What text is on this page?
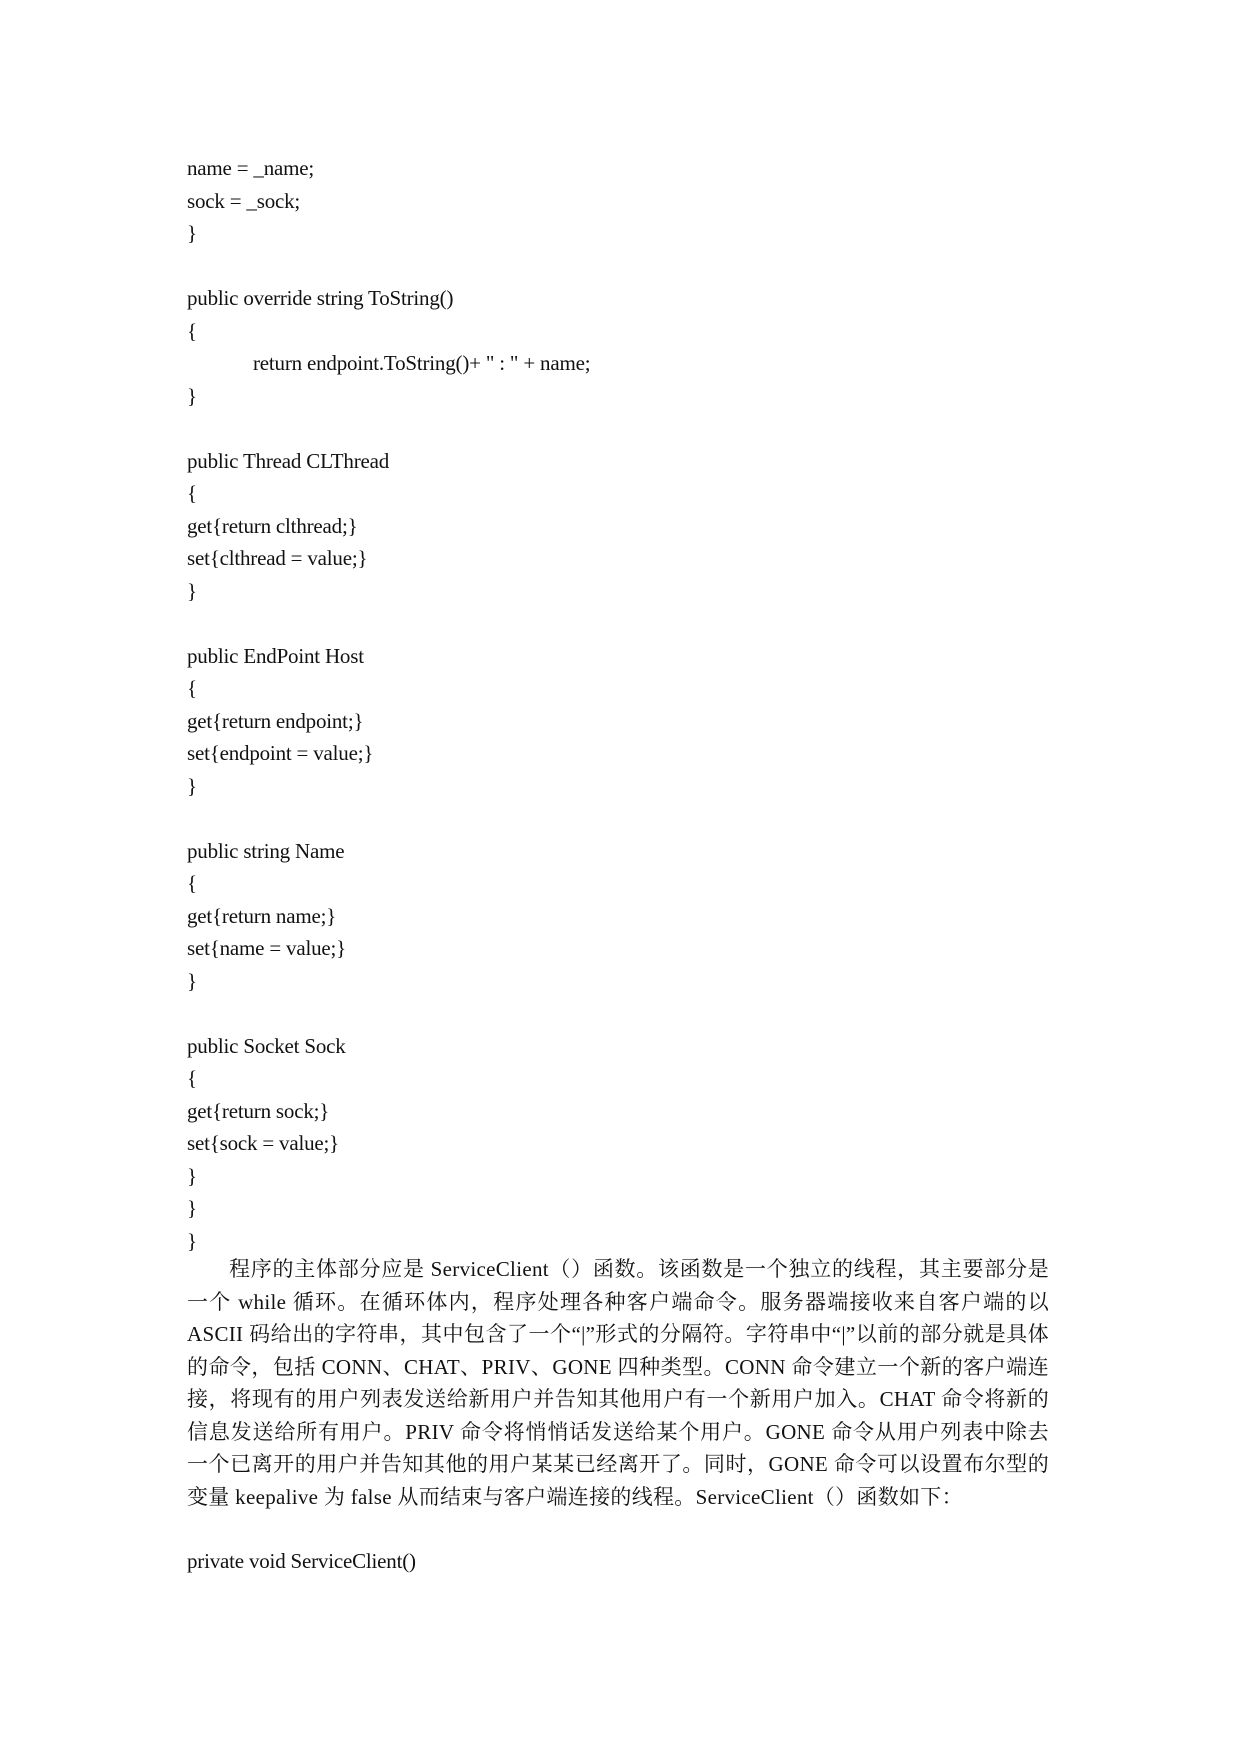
name = _name;
sock = _sock;
}
public override string ToString()
{
return endpoint.ToString()+ " : " + name;
}
public Thread CLThread
{
get{return clthread;}
set{clthread = value;}
}
public EndPoint Host
{
get{return endpoint;}
set{endpoint = value;}
}
public string Name
{
get{return name;}
set{name = value;}
}
public Socket Sock
{
get{return sock;}
set{sock = value;}
}
}
}

程序的主体部分应是 ServiceClient（）函数。该函数是一个独立的线程，其主要部分是一个 while 循环。在循环体内，程序处理各种客户端命令。服务器端接收来自客户端的以 ASCII 码给出的字符串，其中包含了一个“|”形式的分隔符。字符串中“|”以前的部分就是具体的命令，包括 CONN、CHAT、PRIV、GONE 四种类型。CONN 命令建立一个新的客户端连接，将现有的用户列表发送给新用户并告知其他用户有一个新用户加入。CHAT 命令将新的信息发送给所有用户。PRIV 命令将悄悄话发送给某个用户。GONE 命令从用户列表中除去一个已离开的用户并告知其他的用户某某已经离开了。同时，GONE 命令可以设置布尔型的变量 keepalive 为 false 从而结束与客户端连接的线程。ServiceClient（）函数如下：

private void ServiceClient()
